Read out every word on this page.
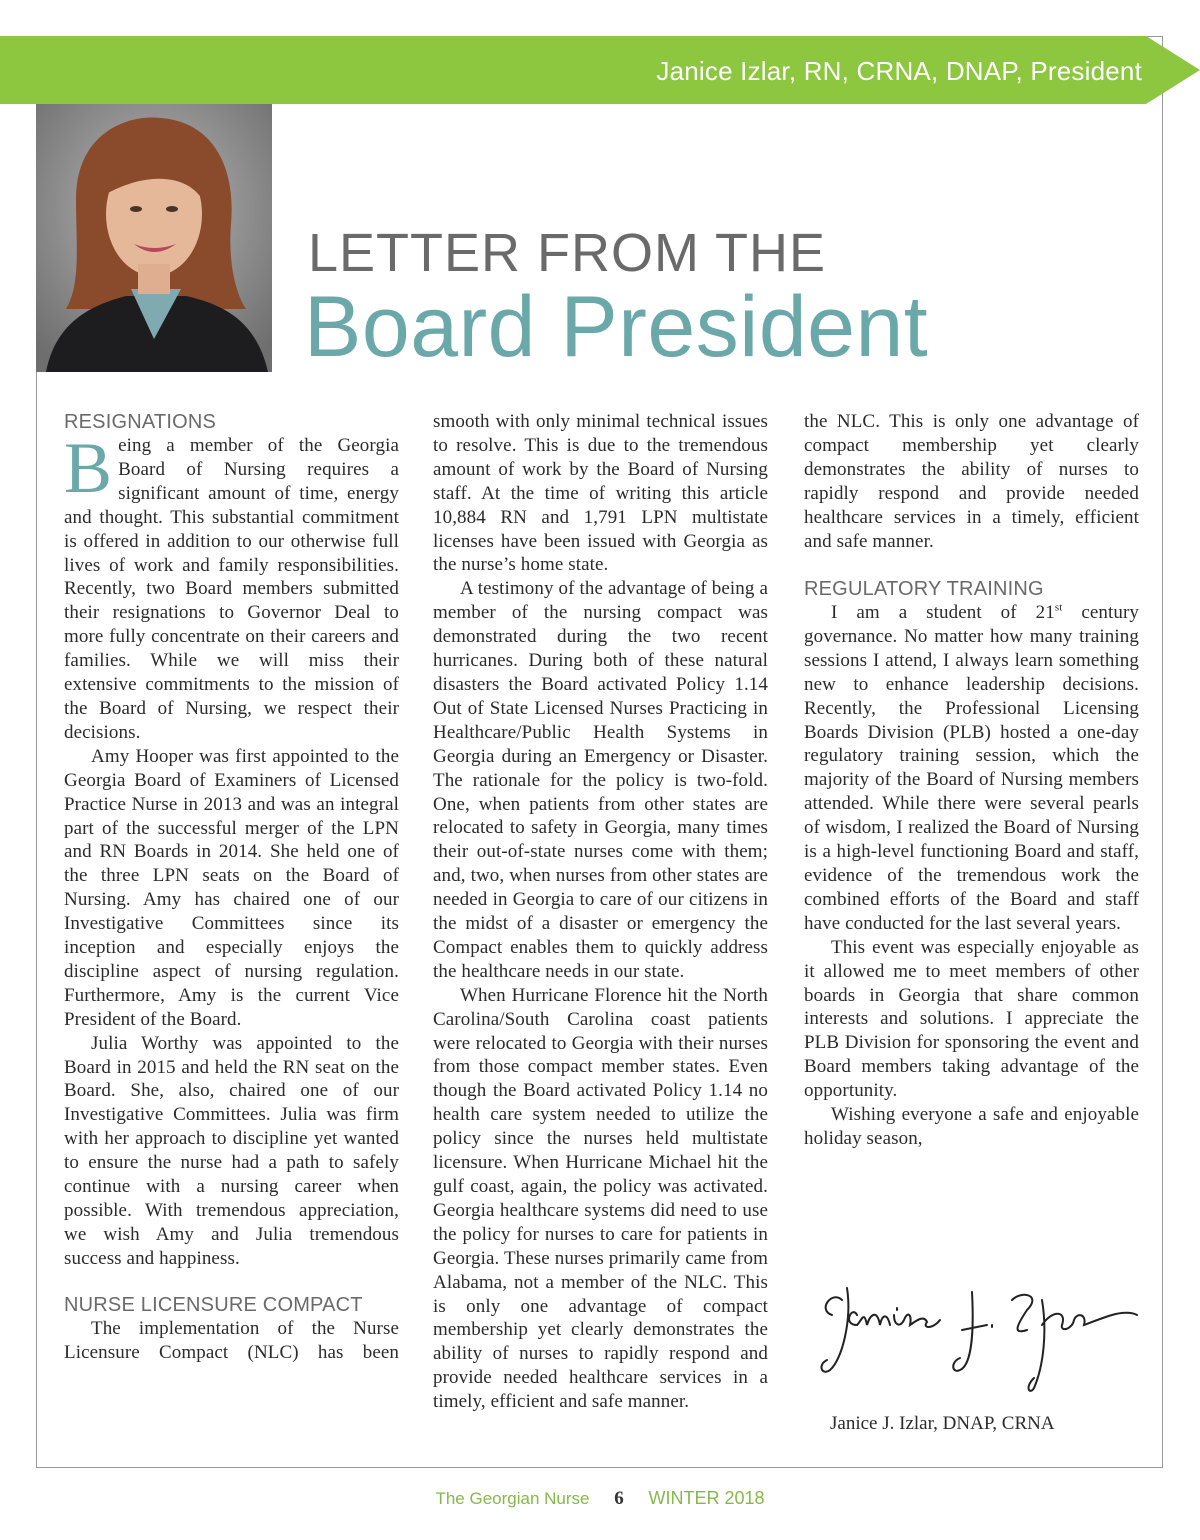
Janice Izlar, RN, CRNA, DNAP, President
LETTER FROM THE
Board President
RESIGNATIONS

Being a member of the Georgia Board of Nursing requires a significant amount of time, energy and thought. This substantial commitment is offered in addition to our otherwise full lives of work and family responsibilities. Recently, two Board members submitted their resignations to Governor Deal to more fully concentrate on their careers and families. While we will miss their extensive commitments to the mission of the Board of Nursing, we respect their decisions.

Amy Hooper was first appointed to the Georgia Board of Examiners of Licensed Practice Nurse in 2013 and was an integral part of the successful merger of the LPN and RN Boards in 2014. She held one of the three LPN seats on the Board of Nursing. Amy has chaired one of our Investigative Committees since its inception and especially enjoys the discipline aspect of nursing regulation. Furthermore, Amy is the current Vice President of the Board.

Julia Worthy was appointed to the Board in 2015 and held the RN seat on the Board. She, also, chaired one of our Investigative Committees. Julia was firm with her approach to discipline yet wanted to ensure the nurse had a path to safely continue with a nursing career when possible. With tremendous appreciation, we wish Amy and Julia tremendous success and happiness.

NURSE LICENSURE COMPACT

The implementation of the Nurse Licensure Compact (NLC) has been

smooth with only minimal technical issues to resolve. This is due to the tremendous amount of work by the Board of Nursing staff. At the time of writing this article 10,884 RN and 1,791 LPN multistate licenses have been issued with Georgia as the nurse’s home state.

A testimony of the advantage of being a member of the nursing compact was demonstrated during the two recent hurricanes. During both of these natural disasters the Board activated Policy 1.14 Out of State Licensed Nurses Practicing in Healthcare/Public Health Systems in Georgia during an Emergency or Disaster. The rationale for the policy is two-fold. One, when patients from other states are relocated to safety in Georgia, many times their out-of-state nurses come with them; and, two, when nurses from other states are needed in Georgia to care of our citizens in the midst of a disaster or emergency the Compact enables them to quickly address the healthcare needs in our state.

When Hurricane Florence hit the North Carolina/South Carolina coast patients were relocated to Georgia with their nurses from those compact member states. Even though the Board activated Policy 1.14 no health care system needed to utilize the policy since the nurses held multistate licensure. When Hurricane Michael hit the gulf coast, again, the policy was activated. Georgia healthcare systems did need to use the policy for nurses to care for patients in Georgia. These nurses primarily came from Alabama, not a member of the NLC. This is only one advantage of compact membership yet clearly demonstrates the ability of nurses to rapidly respond and provide needed healthcare services in a timely, efficient and safe manner.

the NLC. This is only one advantage of compact membership yet clearly demonstrates the ability of nurses to rapidly respond and provide needed healthcare services in a timely, efficient and safe manner.

REGULATORY TRAINING

I am a student of 21st century governance. No matter how many training sessions I attend, I always learn something new to enhance leadership decisions. Recently, the Professional Licensing Boards Division (PLB) hosted a one-day regulatory training session, which the majority of the Board of Nursing members attended. While there were several pearls of wisdom, I realized the Board of Nursing is a high-level functioning Board and staff, evidence of the tremendous work the combined efforts of the Board and staff have conducted for the last several years.

This event was especially enjoyable as it allowed me to meet members of other boards in Georgia that share common interests and solutions. I appreciate the PLB Division for sponsoring the event and Board members taking advantage of the opportunity.

Wishing everyone a safe and enjoyable holiday season,

Janice J. Izlar, DNAP, CRNA
The Georgian Nurse 6 WINTER 2018
